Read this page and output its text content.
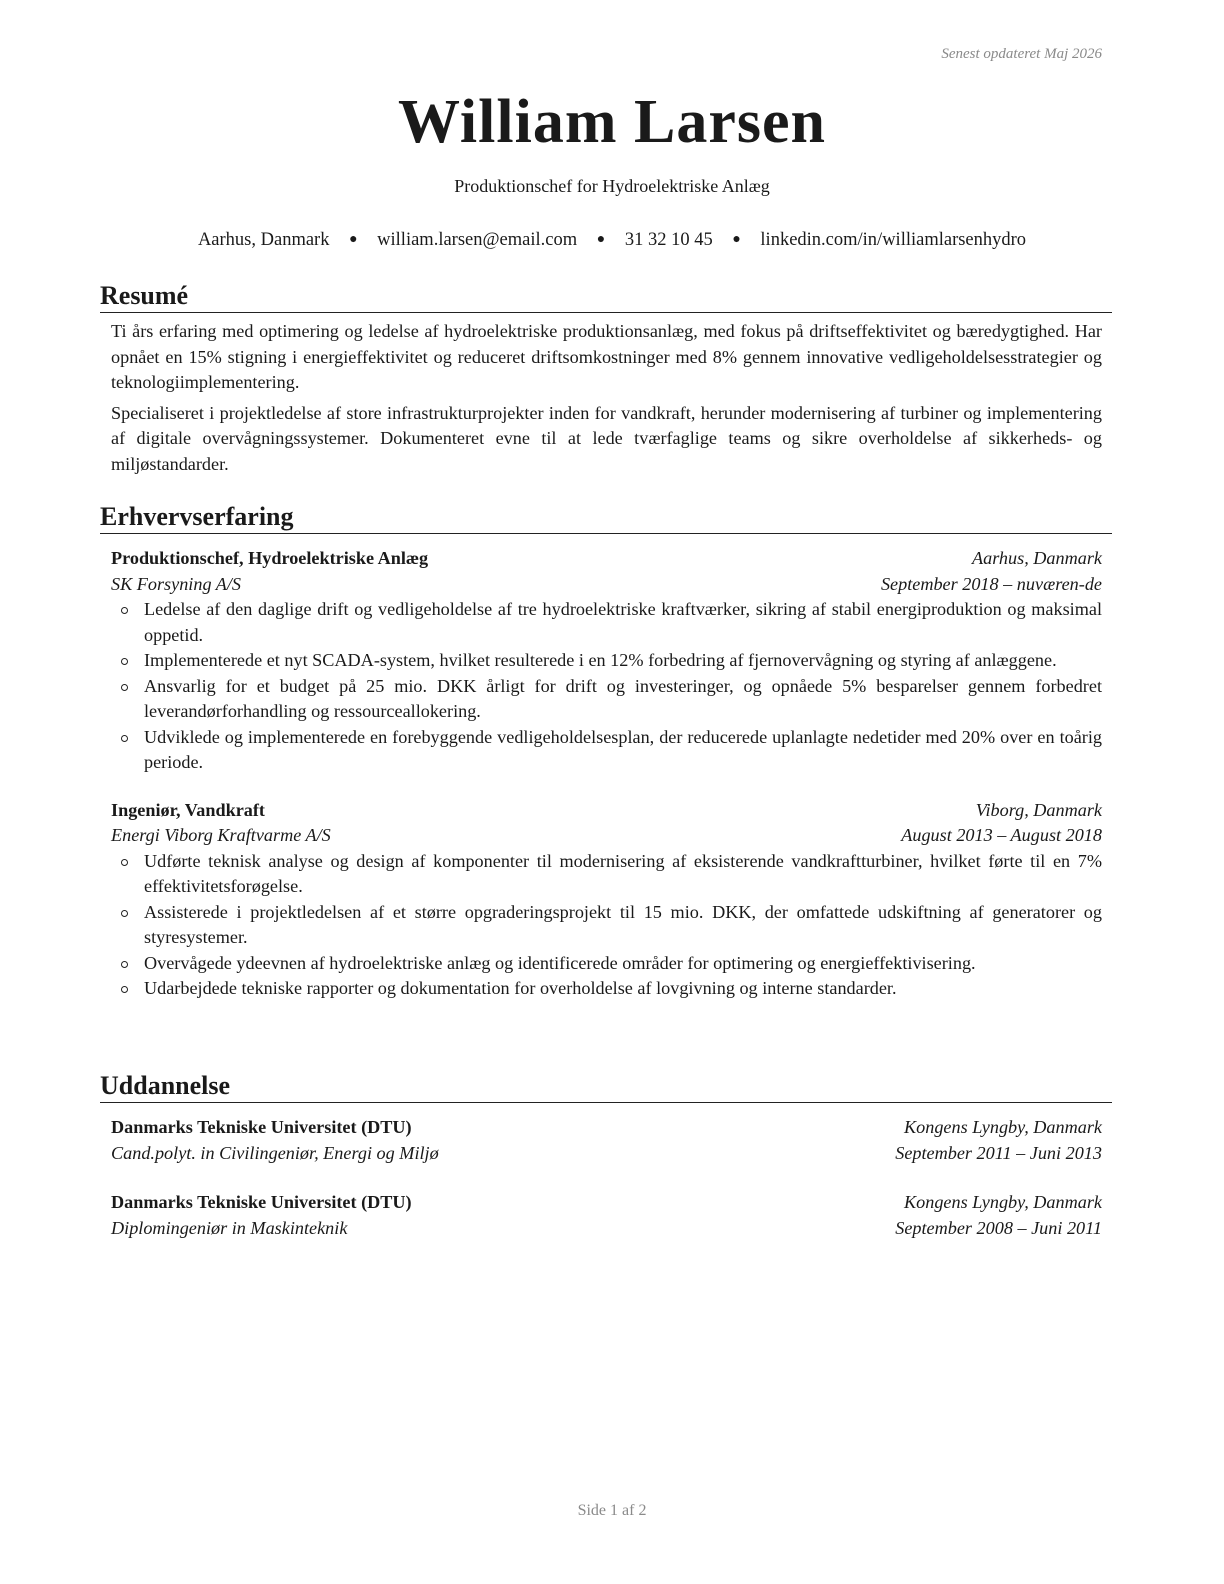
Senest opdateret Maj 2026
William Larsen
Produktionschef for Hydroelektriske Anlæg
Aarhus, Danmark ● william.larsen@email.com ● 31 32 10 45 ● linkedin.com/in/williamlarsenhydro
Resumé

Ti års erfaring med optimering og ledelse af hydroelektriske produktionsanlæg, med fokus på driftseffektivitet og bæredygtighed. Har opnået en 15% stigning i energieffektivitet og reduceret driftsomkostninger med 8% gennem innovative vedligeholdelsesstrategier og teknologiimplementering.

Specialiseret i projektledelse af store infrastrukturprojekter inden for vandkraft, herunder modernisering af turbiner og implementering af digitale overvågningssystemer. Dokumenteret evne til at lede tværfaglige teams og sikre overholdelse af sikkerheds- og miljøstandarder.

Erhvervserfaring
Produktionschef, Hydroelektriske Anlæg	Aarhus, Danmark
SK Forsyning A/S	September 2018 – nuværen-de
Ledelse af den daglige drift og vedligeholdelse af tre hydroelektriske kraftværker, sikring af stabil energiproduktion og maksimal oppetid.
Implementerede et nyt SCADA-system, hvilket resulterede i en 12% forbedring af fjernovervågning og styring af anlæggene.
Ansvarlig for et budget på 25 mio. DKK årligt for drift og investeringer, og opnåede 5% besparelser gennem forbedret leverandørforhandling og ressourceallokering.
Udviklede og implementerede en forebyggende vedligeholdelsesplan, der reducerede uplanlagte nedetider med 20% over en toårig periode.
Ingeniør, Vandkraft	Viborg, Danmark
Energi Viborg Kraftvarme A/S	August 2013 – August 2018
Udførte teknisk analyse og design af komponenter til modernisering af eksisterende vandkraftturbiner, hvilket førte til en 7% effektivitetsforøgelse.
Assisterede i projektledelsen af et større opgraderingsprojekt til 15 mio. DKK, der omfattede udskiftning af generatorer og styresystemer.
Overvågede ydeevnen af hydroelektriske anlæg og identificerede områder for optimering og energieffektivisering.
Udarbejdede tekniske rapporter og dokumentation for overholdelse af lovgivning og interne standarder.
Uddannelse
Danmarks Tekniske Universitet (DTU)	Kongens Lyngby, Danmark
Cand.polyt. in Civilingeniør, Energi og Miljø	September 2011 – Juni 2013
Danmarks Tekniske Universitet (DTU)	Kongens Lyngby, Danmark
Diplomingeniør in Maskinteknik	September 2008 – Juni 2011
Side 1 af 2
